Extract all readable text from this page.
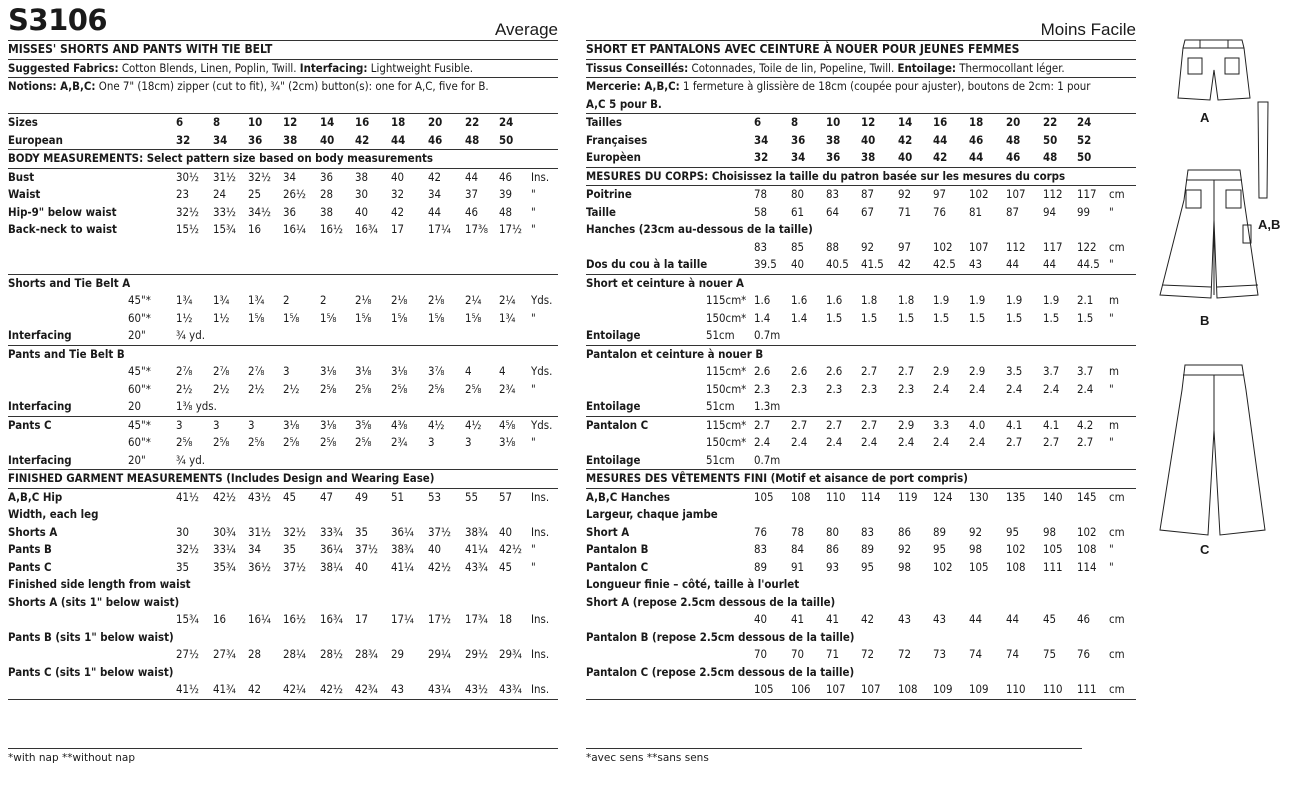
S3106	Average
MISSES' SHORTS AND PANTS WITH TIE BELT
Suggested Fabrics: Cotton Blends, Linen, Poplin, Twill. Interfacing: Lightweight Fusible.
Notions: A,B,C: One 7" (18cm) zipper (cut to fit), ¾" (2cm) button(s): one for A,C, five for B.
Sizes	6	8 10 12 14 16 18 20 22 24
European	32 34 36 38 40 42 44 46 48 50
BODY MEASUREMENTS: Select pattern size based on body measurements
Bust	30½ 31½ 32½ 34 36 38 40 42 44 46 Ins.
Waist	23 24 25 26½ 28 30 32 34 37 39 "
Hip-9" below waist	32½ 33½ 34½ 36 38 40 42 44 46 48 "
Back-neck to waist	15½ 15¾ 16 16¼ 16½ 16¾ 17 17¼ 17⅜ 17½ "
Shorts and Tie Belt A
45"* 1¾ 1¾ 1¾ 2	2 2⅛ 2⅛ 2⅛ 2¼ 2¼ Yds.
60"* 1½ 1½ 1⅝ 1⅝ 1⅝ 1⅝ 1⅝ 1⅝ 1⅝ 1¾ "
Interfacing	20"	¾ yd.
Pants and Tie Belt B
45"* 2⅞ 2⅞ 2⅞ 3	3⅛ 3⅛ 3⅛ 3⅞ 4 4 Yds.
60"* 2½ 2½ 2½ 2½ 2⅝ 2⅝ 2⅝ 2⅝ 2⅝ 2¾ "
Interfacing	20	1⅜ yds.
Pants C	45"* 3	3 3 3⅛ 3⅛ 3⅝ 4⅜ 4½ 4½ 4⅝ Yds.
60"* 2⅝ 2⅝ 2⅝ 2⅝ 2⅝ 2⅝ 2¾ 3	3 3⅛ "
Interfacing	20"	¾ yd.
FINISHED GARMENT MEASUREMENTS (Includes Design and Wearing Ease)
A,B,C Hip	41½ 42½ 43½ 45 47 49 51 53 55 57 Ins.
Width, each leg
Shorts A	30 30¾ 31½ 32½ 33¾ 35 36¼ 37½ 38¾ 40 Ins.
Pants B	32½ 33¼ 34 35 36¼ 37½ 38¾ 40 41¼ 42½ "
Pants C	35 35¾ 36½ 37½ 38¼ 40 41¼ 42½ 43¾ 45 "
Finished side length from waist
Shorts A (sits 1" below waist)
15¾ 16 16¼ 16½ 16¾ 17 17¼ 17½ 17¾ 18 Ins.
Pants B (sits 1" below waist)
27½ 27¾ 28 28¼ 28½ 28¾ 29 29¼ 29½ 29¾ Ins.
Pants C (sits 1" below waist)
41½ 41¾ 42 42¼ 42½ 42¾ 43 43¼ 43½ 43¾ Ins.
*with nap **without nap
Moins Facile
SHORT ET PANTALONS AVEC CEINTURE À NOUER POUR JEUNES FEMMES
Tissus Conseillés: Cotonnades, Toile de lin, Popeline, Twill. Entoilage: Thermocollant léger.
Mercerie: A,B,C: 1 fermeture à glissière de 18cm (coupée pour ajuster), boutons de 2cm: 1 pour
A,C 5 pour B.
Tailles	6	8 10 12 14 16 18 20 22 24
Françaises	34 36 38 40 42 44 46 48 50 52
Europèen	32 34 36 38 40 42 44 46 48 50
MESURES DU CORPS: Choisissez la taille du patron basée sur les mesures du corps
Poitrine	78 80 83 87 92 97 102 107 112 117 cm
Taille	58 61 64 67 71 76 81 87 94 99 "
Hanches (23cm au-dessous de la taille)
83 85 88 92 97 102 107 112 117 122 cm
Dos du cou à la taille	39.5 40 40.5 41.5 42 42.5 43 44 44 44.5 "
Short et ceinture à nouer A
115cm* 1.6 1.6 1.6 1.8 1.8 1.9 1.9 1.9 1.9 2.1 m
150cm* 1.4 1.4 1.5 1.5 1.5 1.5 1.5 1.5 1.5 1.5 "
Entoilage	51cm 0.7m
Pantalon et ceinture à nouer B
115cm* 2.6 2.6 2.6 2.7 2.7 2.9 2.9 3.5 3.7 3.7 m
150cm* 2.3 2.3 2.3 2.3 2.3 2.4 2.4 2.4 2.4 2.4 "
Entoilage	51cm 1.3m
Pantalon C	115cm* 2.7 2.7 2.7 2.7 2.9 3.3 4.0 4.1 4.1 4.2 m
150cm* 2.4 2.4 2.4 2.4 2.4 2.4 2.4 2.7 2.7 2.7 "
Entoilage	51cm 0.7m
MESURES DES VÊTEMENTS FINI (Motif et aisance de port compris)
A,B,C Hanches	105 108 110 114 119 124 130 135 140 145 cm
Largeur, chaque jambe
Short A	76 78 80 83 86 89 92 95 98 102 cm
Pantalon B	83 84 86 89 92 95 98 102 105 108 "
Pantalon C	89 91 93 95 98 102 105 108 111 114 "
Longueur finie – côté, taille à l'ourlet
Short A (repose 2.5cm dessous de la taille)
40 41 41 42 43 43 44 44 45 46 cm
Pantalon B (repose 2.5cm dessous de la taille)
70 70 71 72 72 73 74 74 75 76 cm
Pantalon C (repose 2.5cm dessous de la taille)
105 106 107 107 108 109 109 110 110 111 cm
*avec sens **sans sens
A
A,B
B
C
